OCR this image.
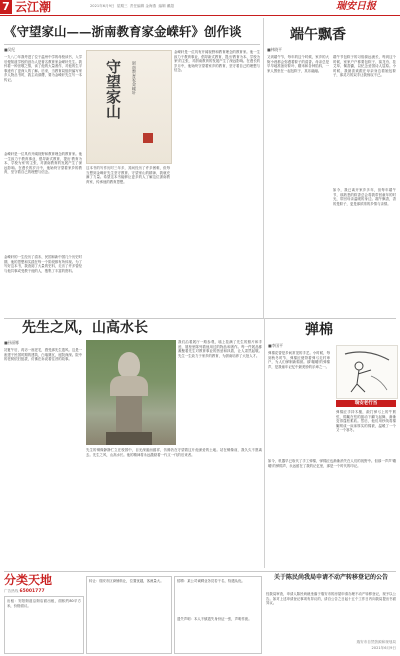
7 云江潮	2021年6月9日 星期三 责任编辑 金海燕 编辑 戴超	瑞安日报
《守望家山——浙南教育家金嵘轩》创作谈
■吴纪
一九八〇年我考进了位于温州中学的母校读书，入学后便知道学校的创办人是著名教育家金嵘轩先生。我怀着一种崇敬之情，读了他的大量著作，对他的生平事迹有了更深入的了解。后来，当教育局组织编写家乡人物丛书时，我主动请缨，要为金嵘轩先生写一本传记。
金嵘轩是一位具有开阔视野和教育理念的教育家。他一生致力于教育事业，倡导新式教育，提出'教育为本、学校为家'的主张，对浙南教育的发展产生了深远影响。在漫长的岁月中，他始终守望着家乡的教育，坚守着自己的理想与信念。
金嵘轩的一生经历了清末、民国和新中国几个历史时期，他的思想和实践在每一个阶段都有所体现。为了写好这本书，我查阅了大量的史料，走访了许多曾经与他共事或受教于他的人，搜集了丰富的资料。
守望家山	浙南教育家金嵘轩
这本书的写作历时三年多，其间经历了许多困难，但每当想到金嵘轩先生坚守教育、守望家山的精神，我就充满了力量。希望这本书能够让更多的人了解这位浙南教育家，传承他的教育思想。
金嵘轩是一位具有开阔视野和教育理念的教育家。他一生致力于教育事业，倡导新式教育，提出'教育为本、学校为家'的主张，对浙南教育的发展产生了深远影响。在漫长的岁月中，他始终守望着家乡的教育，坚守着自己的理想与信念。
端午飘香
■林晓平
又到端午节，每年的这个时候，家乡的大街小巷都会弥漫着粽子的清香。母亲总是早早地准备好粽叶、糯米和各种馅料，一家人围坐在一起包粽子，其乐融融。
端午节包粽子的习俗源远流长，每到这个时候，家家户户都要包粽子、赛龙舟、挂艾草、佩香囊，以纪念爱国诗人屈原。小时候，我最喜欢跟在母亲身边看她包粽子，那灵巧的双手让我惊叹不已。
如今，我已离开家乡多年，但每年端午节，那熟悉的粽香总会将我带回童年的时光，带回母亲温暖的身边。端午飘香，香的是粽子，更是那浓浓的乡情与亲情。
先生之风，山高水长
■孙丽娜
初夏午后，再访一座老宅，感受那先生遗风。这是一座建于民国时期的建筑，白墙黛瓦，庭院深深。院中的老树依旧挺拔，仿佛在诉说着往昔的故事。
我们沿着展厅一路参观，墙上挂满了先生的照片和手迹，展柜里陈列着他用过的物品和著作。每一件展品都凝聚着先生对教育事业的热爱和执着，让人肃然起敬。先生一生致力于家乡的教育，为浙南培养了大批人才。
先生的铜像静静伫立在校园中，目光深邃而慈祥，仿佛仍在守望着这片他深爱的土地。站在铜像前，我久久不愿离去。先生之风，山高水长。他的精神将永远激励着一代又一代的后来者。
弹棉
■李国平
弹棉花曾是乡间常见的手艺。小时候，每到秋冬时节，弹棉匠便背着弹弓走村串户，为人们弹制新棉被。那'嘣嘣'的弹棉声，是我童年记忆中最美妙的乐章之一。
瑞安老行当
弹棉匠手持木槌，敲打弹弓上的牛筋弦，棉絮在弦的振动下翻飞起舞，渐渐变得蓬松柔软。然后，他们用纱线将棉絮网成一床床厚实的棉被，温暖了一个又一个寒冬。
如今，机器早已取代了手工弹棉，弹棉匠也渐渐消失在人们的视野中。但那一声声'嘣嘣'的弹棉声，永远留在了我的记忆里，那是一个时代的印记。
分类天地
广告热线 65001777
出租：安阳街道沿街店面出租，面积约80平方米，价格面议。
转让：瑞安市区商铺转让，位置优越，客流量大。	招聘：某公司诚聘业务员若干名，待遇从优。
遗失声明：本人不慎遗失身份证一张，声明作废。
关于陈民尚我局申请不动产转移登记的公告
经我局审查，申请人陈民尚就坐落于瑞安市的房屋申请办理不动产转移登记，现予以公告。如对上述申请登记事项有异议的，请自公告之日起十五个工作日内向我局提出书面异议。
瑞安市自然资源和规划局
2021年6月9日
